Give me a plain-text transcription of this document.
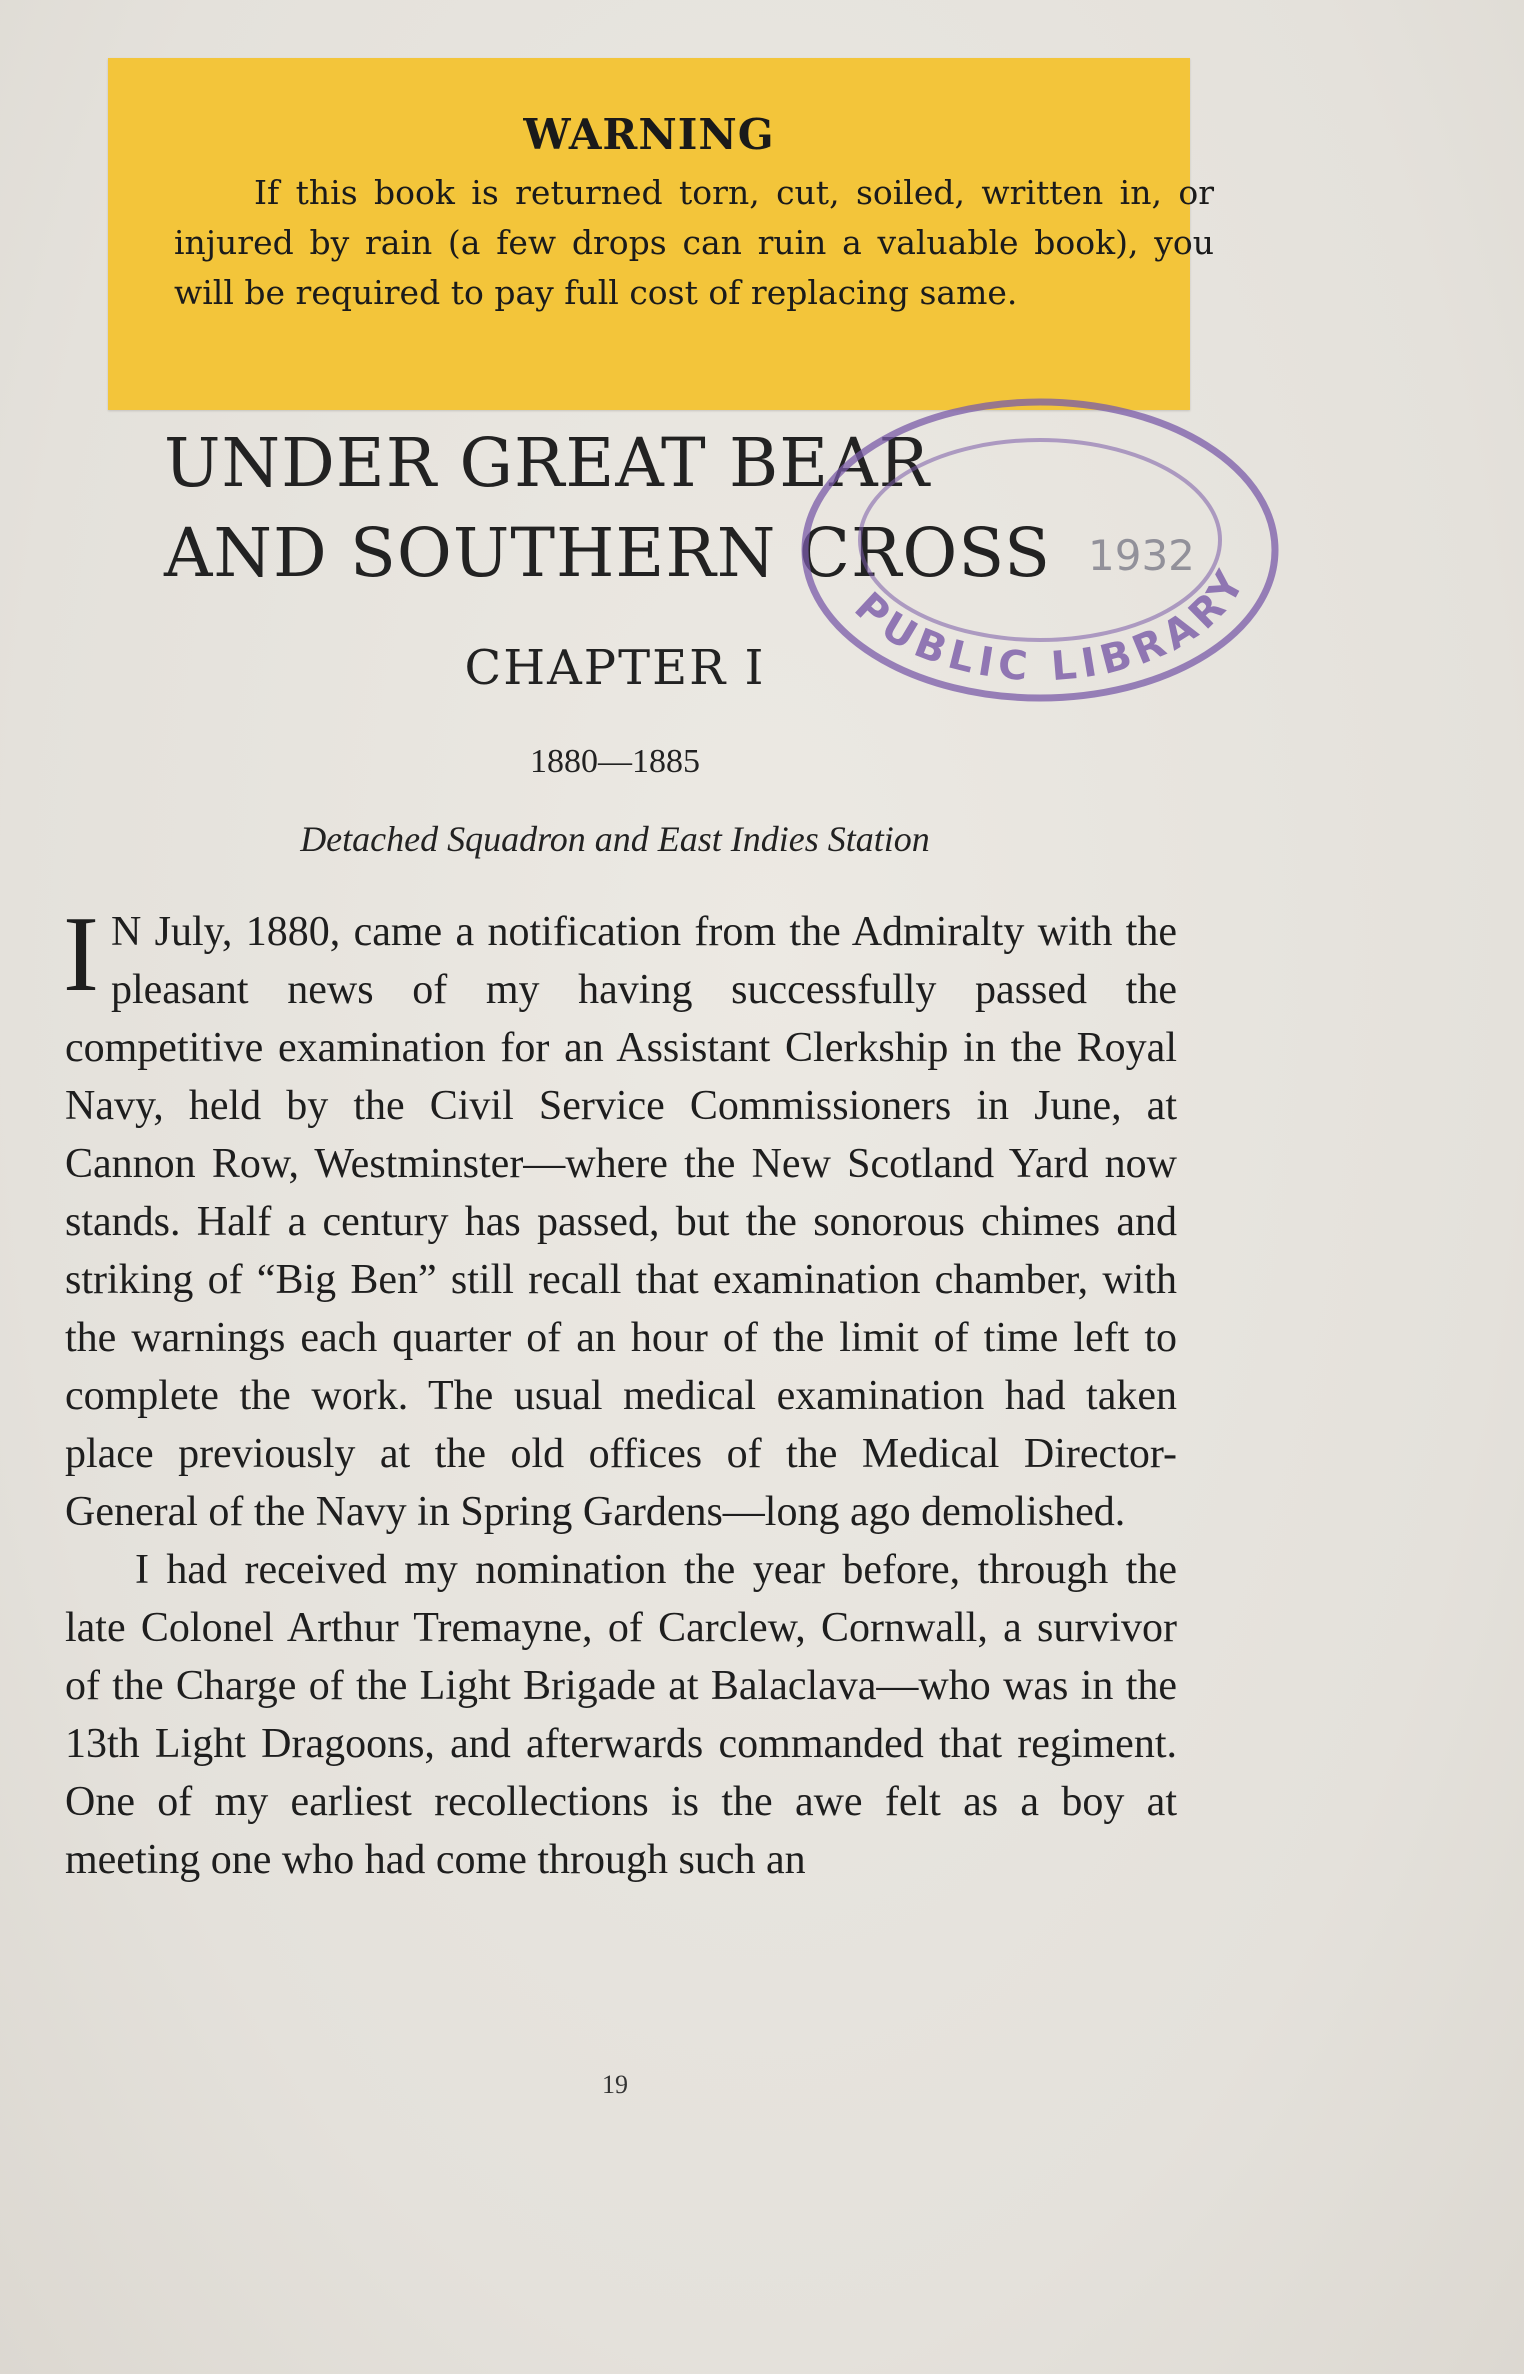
WARNING
If this book is returned torn, cut, soiled, written in, or injured by rain (a few drops can ruin a valuable book), you will be required to pay full cost of replacing same.
UNDER GREAT BEAR
AND SOUTHERN CROSS 1932
PUBLIC LIBRARY
CHAPTER I
1880—1885
Detached Squadron and East Indies Station

I N July, 1880, came a notification from the Admiralty with the pleasant news of my having successfully passed the competitive examination for an Assistant Clerkship in the Royal Navy, held by the Civil Service Commissioners in June, at Cannon Row, Westminster—where the New Scotland Yard now stands. Half a century has passed, but the sonorous chimes and striking of “Big Ben” still recall that examination chamber, with the warnings each quarter of an hour of the limit of time left to complete the work. The usual medical examination had taken place previously at the old offices of the Medical Director-General of the Navy in Spring Gardens—long ago demolished.

I had received my nomination the year before, through the late Colonel Arthur Tremayne, of Carclew, Cornwall, a survivor of the Charge of the Light Brigade at Balaclava—who was in the 13th Light Dragoons, and afterwards commanded that regiment. One of my earliest recollections is the awe felt as a boy at meeting one who had come through such an

19
